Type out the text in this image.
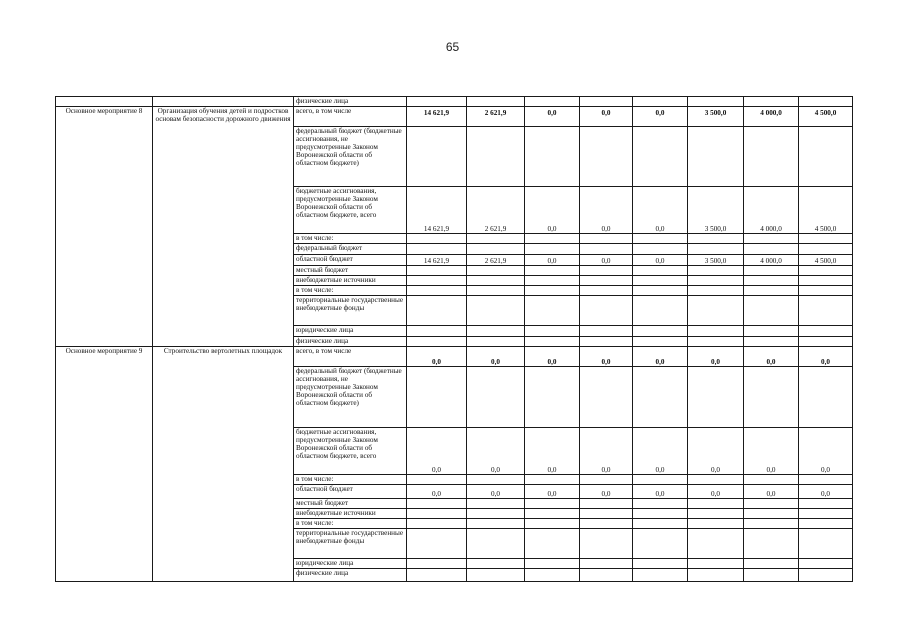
65
		физические лица								
Основное мероприятие 8	Организация обучения детей и подростков основам безопасности дорожного движения	всего, в том числе	14 621,9	2 621,9	0,0	0,0	0,0	3 500,0	4 000,0	4 500,0
		федеральный бюджет (бюджетные ассигнования, не предусмотренные Законом Воронежской области об областном бюджете)								
		бюджетные ассигнования, предусмотренные Законом Воронежской области об областном бюджете, всего	14 621,9	2 621,9	0,0	0,0	0,0	3 500,0	4 000,0	4 500,0
		в том числе:								
		федеральный бюджет								
		областной бюджет	14 621,9	2 621,9	0,0	0,0	0,0	3 500,0	4 000,0	4 500,0
		местный бюджет								
		внебюджетные источники								
		в том числе:								
		территориальные государственные внебюджетные фонды								
		юридические лица								
		физические лица								
Основное мероприятие 9	Строительство вертолетных площадок	всего, в том числе	0,0	0,0	0,0	0,0	0,0	0,0	0,0	0,0
		федеральный бюджет (бюджетные ассигнования, не предусмотренные Законом Воронежской области об областном бюджете)								
		бюджетные ассигнования, предусмотренные Законом Воронежской области об областном бюджете, всего	0,0	0,0	0,0	0,0	0,0	0,0	0,0	0,0
		в том числе:								
		областной бюджет	0,0	0,0	0,0	0,0	0,0	0,0	0,0	0,0
		местный бюджет								
		внебюджетные источники								
		в том числе:								
		территориальные государственные внебюджетные фонды								
		юридические лица								
		физические лица								
